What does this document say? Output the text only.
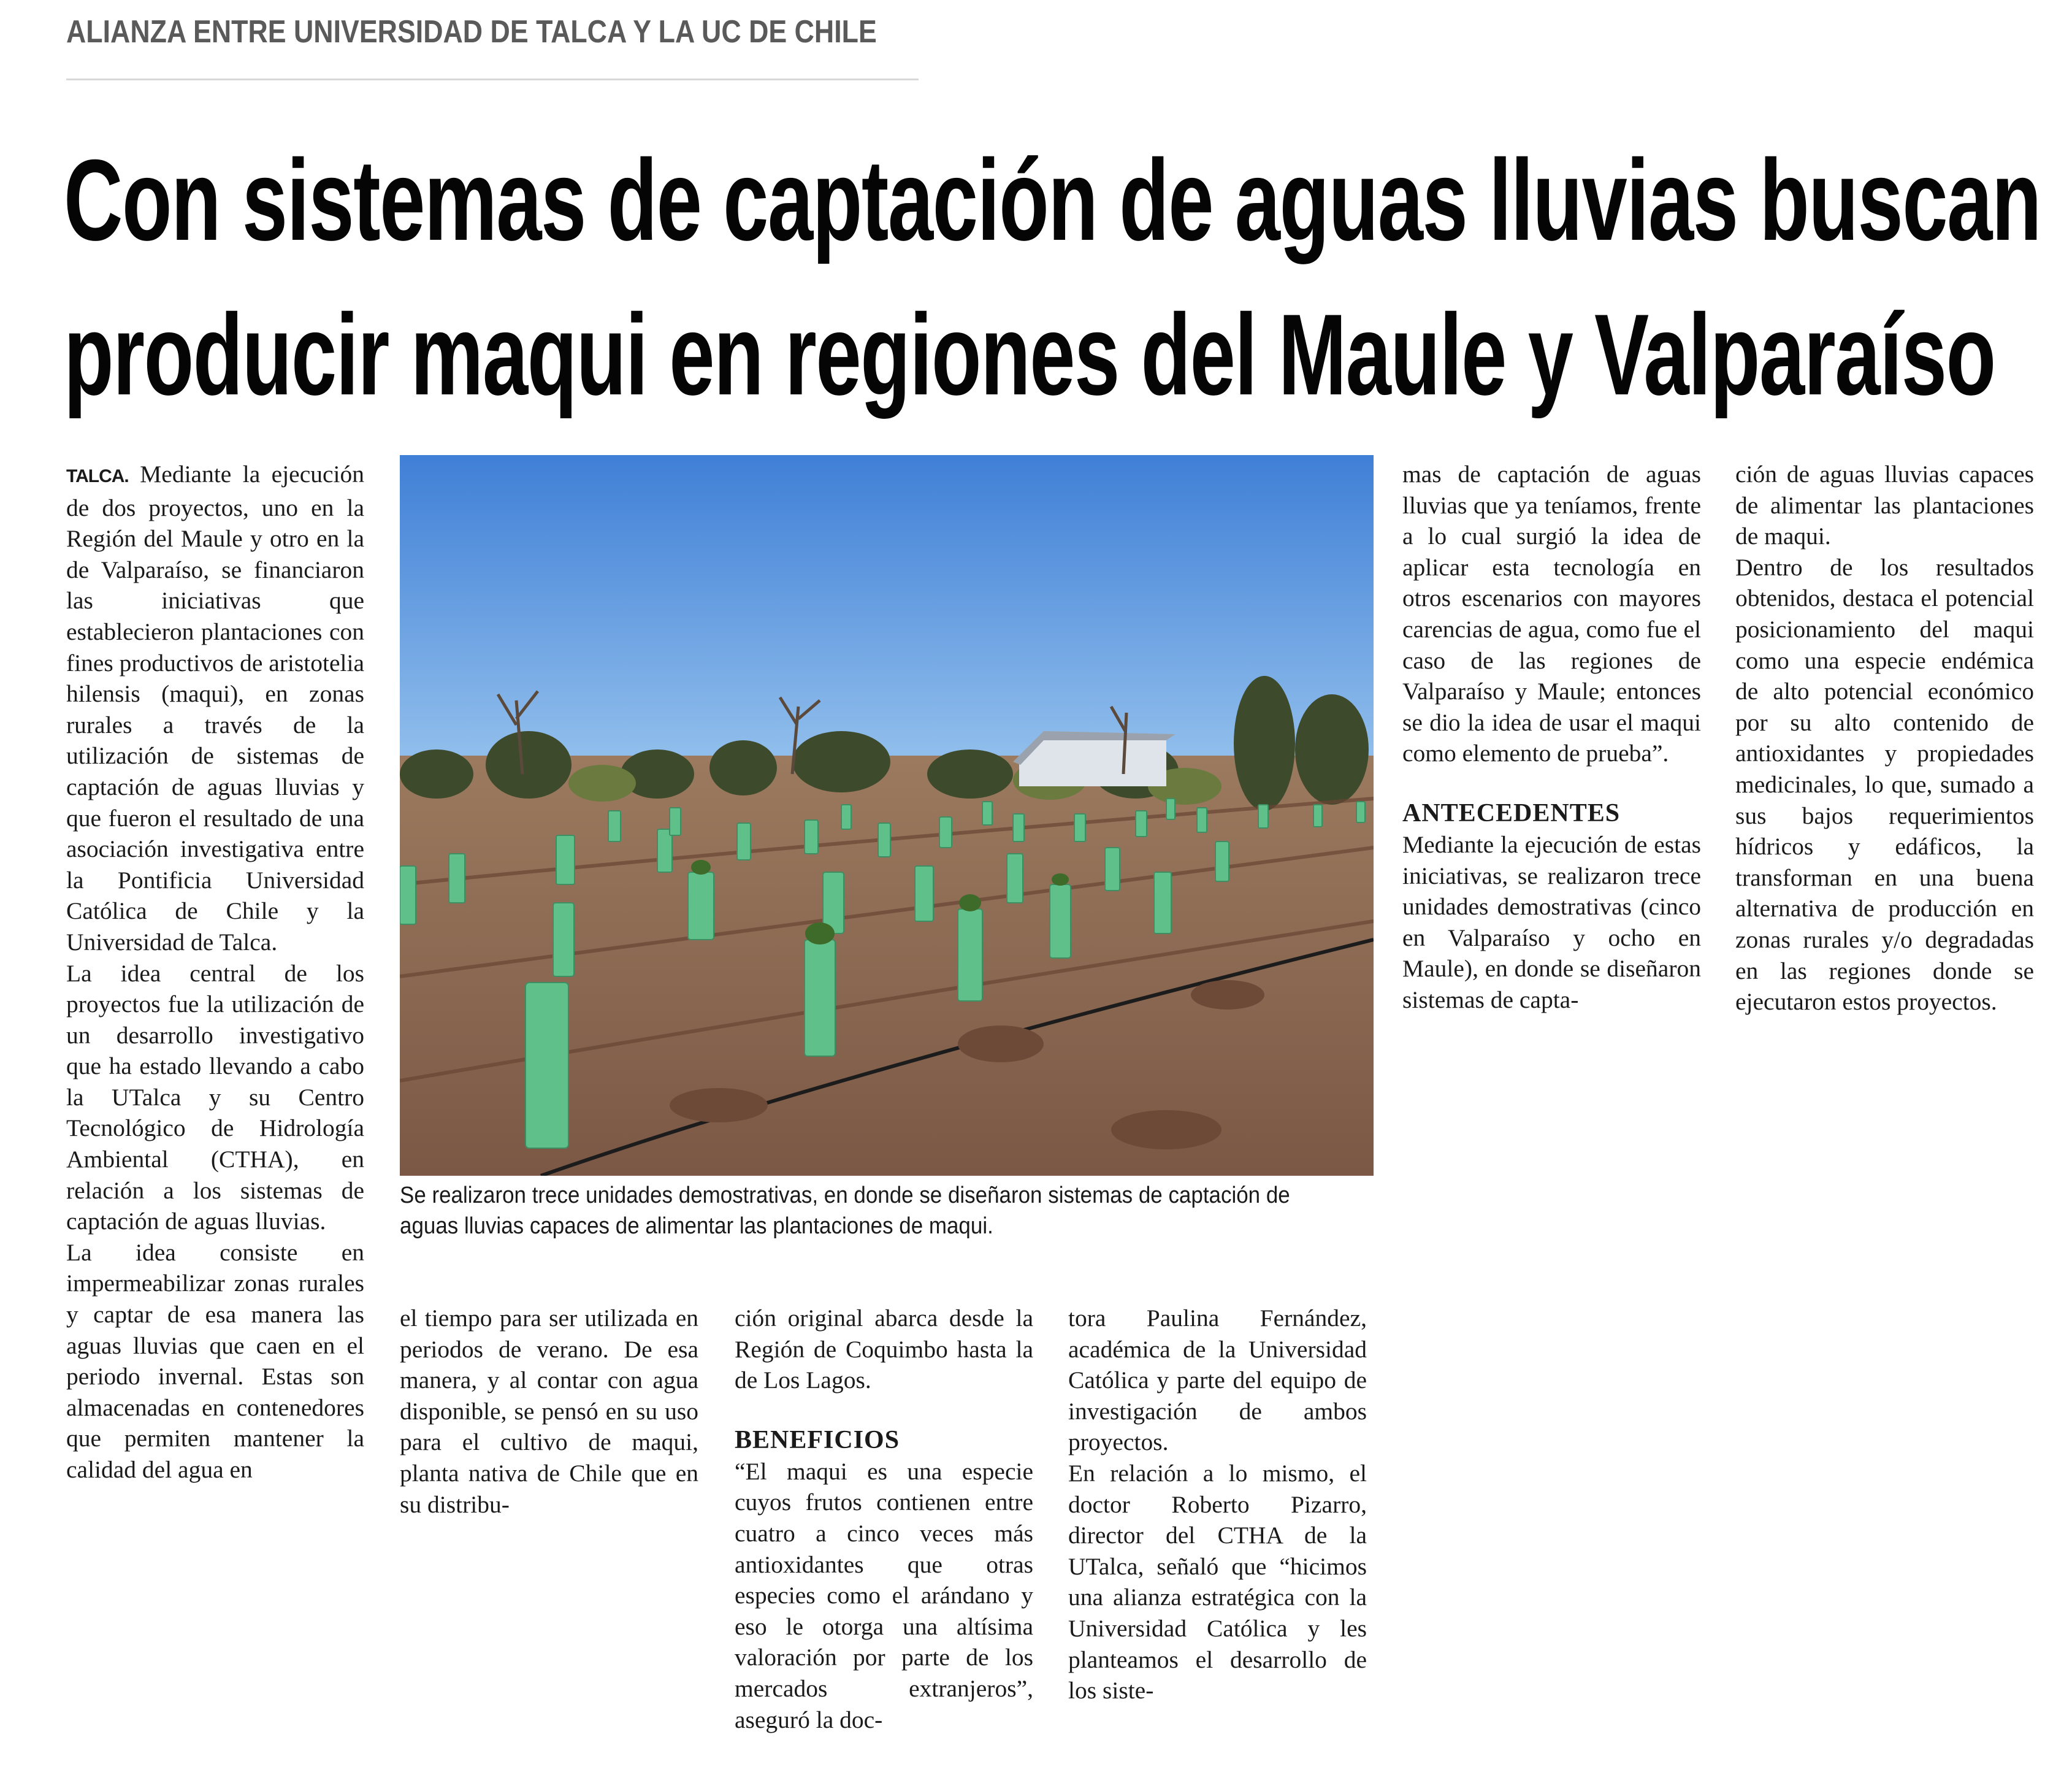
ALIANZA ENTRE UNIVERSIDAD DE TALCA Y LA UC DE CHILE
Con sistemas de captación de aguas lluvias buscan
producir maqui en regiones del Maule y Valparaíso

TALCA. Mediante la ejecución de dos proyectos, uno en la Región del Maule y otro en la de Valparaíso, se financiaron las iniciativas que establecieron plantaciones con fines productivos de aristotelia hilensis (maqui), en zonas rurales a través de la utilización de sistemas de captación de aguas lluvias y que fueron el resultado de una asociación investigativa entre la Pontificia Universidad Católica de Chile y la Universidad de Talca.

La idea central de los proyectos fue la utilización de un desarrollo investigativo que ha estado llevando a cabo la UTalca y su Centro Tecnológico de Hidrología Ambiental (CTHA), en relación a los sistemas de captación de aguas lluvias.

La idea consiste en impermeabilizar zonas rurales y captar de esa manera las aguas lluvias que caen en el periodo invernal. Estas son almacenadas en contenedores que permiten mantener la calidad del agua en

Se realizaron trece unidades demostrativas, en donde se diseñaron sistemas de captación de aguas lluvias capaces de alimentar las plantaciones de maqui.

el tiempo para ser utilizada en periodos de verano. De esa manera, y al contar con agua disponible, se pensó en su uso para el cultivo de maqui, planta nativa de Chile que en su distribu-

ción original abarca desde la Región de Coquimbo hasta la de Los Lagos.

BENEFICIOS

“El maqui es una especie cuyos frutos contienen entre cuatro a cinco veces más antioxidantes que otras especies como el arándano y eso le otorga una altísima valoración por parte de los mercados extranjeros”, aseguró la doc-

tora Paulina Fernández, académica de la Universidad Católica y parte del equipo de investigación de ambos proyectos.

En relación a lo mismo, el doctor Roberto Pizarro, director del CTHA de la UTalca, señaló que “hicimos una alianza estratégica con la Universidad Católica y les planteamos el desarrollo de los siste-

mas de captación de aguas lluvias que ya teníamos, frente a lo cual surgió la idea de aplicar esta tecnología en otros escenarios con mayores carencias de agua, como fue el caso de las regiones de Valparaíso y Maule; entonces se dio la idea de usar el maqui como elemento de prueba”.

ANTECEDENTES

Mediante la ejecución de estas iniciativas, se realizaron trece unidades demostrativas (cinco en Valparaíso y ocho en Maule), en donde se diseñaron sistemas de capta-

ción de aguas lluvias capaces de alimentar las plantaciones de maqui.

Dentro de los resultados obtenidos, destaca el potencial posicionamiento del maqui como una especie endémica de alto potencial económico por su alto contenido de antioxidantes y propiedades medicinales, lo que, sumado a sus bajos requerimientos hídricos y edáficos, la transforman en una buena alternativa de producción en zonas rurales y/o degradadas en las regiones donde se ejecutaron estos proyectos.
